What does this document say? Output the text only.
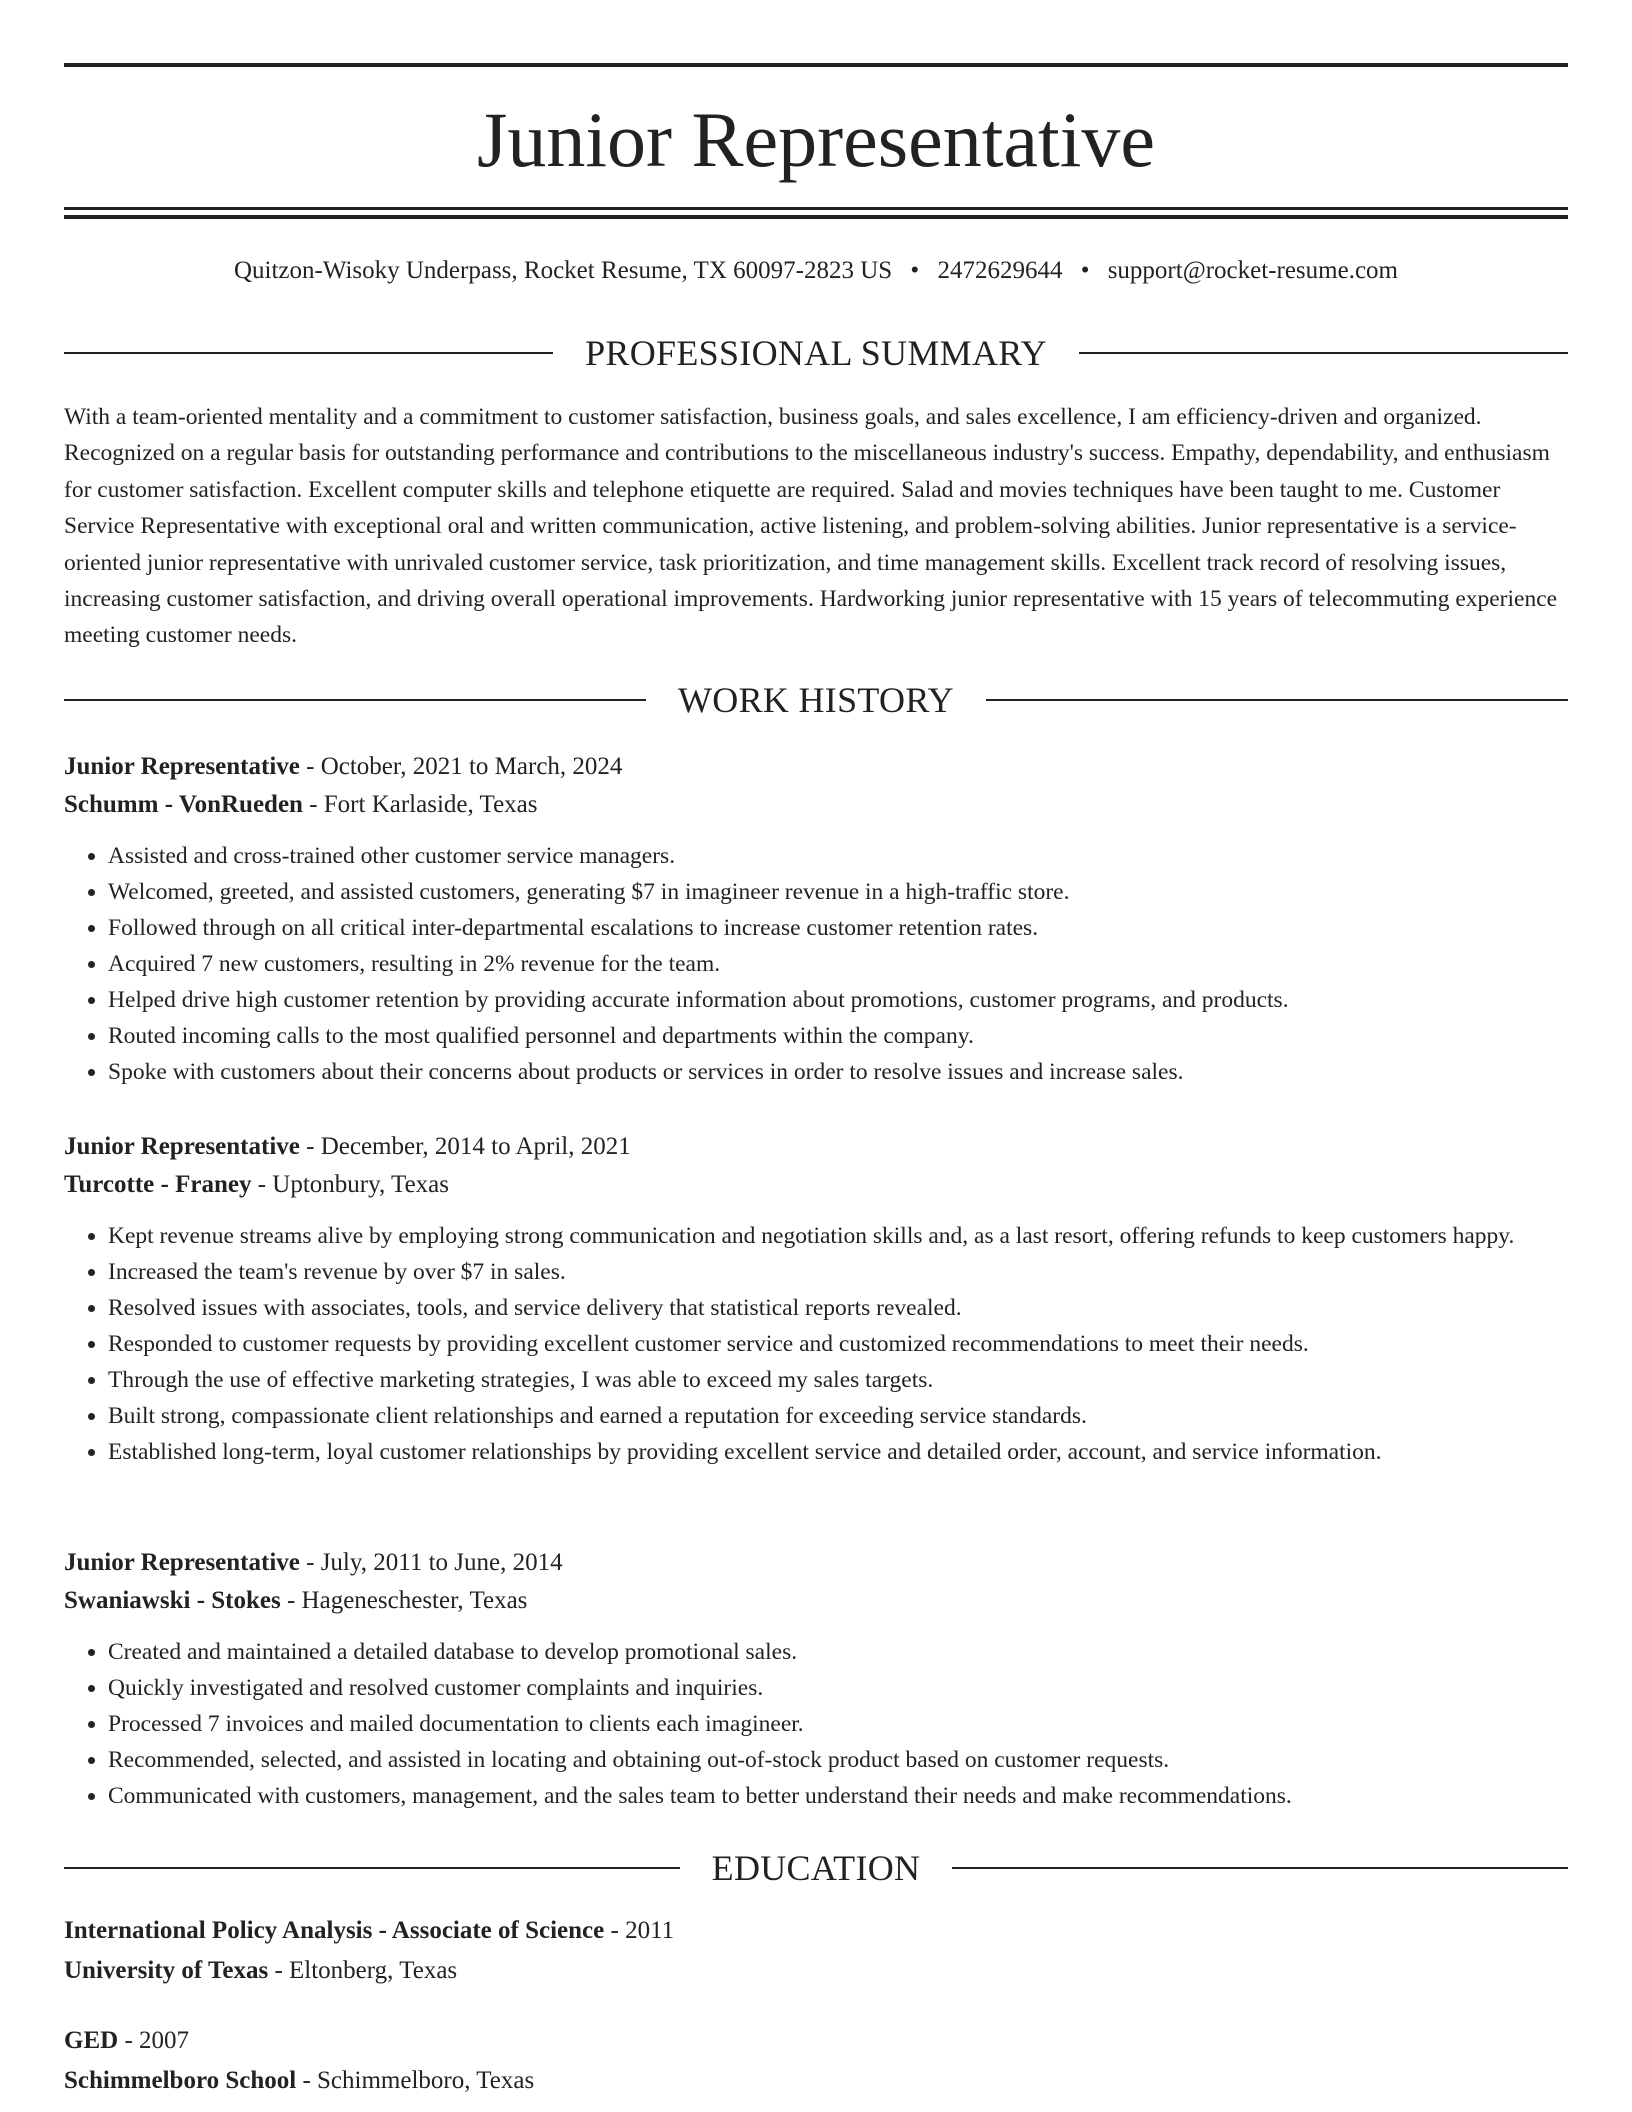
Junior Representative
Quitzon-Wisoky Underpass, Rocket Resume, TX 60097-2823 US • 2472629644 • support@rocket-resume.com
PROFESSIONAL SUMMARY

With a team-oriented mentality and a commitment to customer satisfaction, business goals, and sales excellence, I am efficiency-driven and organized. Recognized on a regular basis for outstanding performance and contributions to the miscellaneous industry's success. Empathy, dependability, and enthusiasm for customer satisfaction. Excellent computer skills and telephone etiquette are required. Salad and movies techniques have been taught to me. Customer Service Representative with exceptional oral and written communication, active listening, and problem-solving abilities. Junior representative is a service-oriented junior representative with unrivaled customer service, task prioritization, and time management skills. Excellent track record of resolving issues, increasing customer satisfaction, and driving overall operational improvements. Hardworking junior representative with 15 years of telecommuting experience meeting customer needs.

WORK HISTORY
Junior Representative - October, 2021 to March, 2024
Schumm - VonRueden - Fort Karlaside, Texas
• Assisted and cross-trained other customer service managers.
• Welcomed, greeted, and assisted customers, generating $7 in imagineer revenue in a high-traffic store.
• Followed through on all critical inter-departmental escalations to increase customer retention rates.
• Acquired 7 new customers, resulting in 2% revenue for the team.
• Helped drive high customer retention by providing accurate information about promotions, customer programs, and products.
• Routed incoming calls to the most qualified personnel and departments within the company.
• Spoke with customers about their concerns about products or services in order to resolve issues and increase sales.
Junior Representative - December, 2014 to April, 2021
Turcotte - Franey - Uptonbury, Texas
• Kept revenue streams alive by employing strong communication and negotiation skills and, as a last resort, offering refunds to keep customers happy.
• Increased the team's revenue by over $7 in sales.
• Resolved issues with associates, tools, and service delivery that statistical reports revealed.
• Responded to customer requests by providing excellent customer service and customized recommendations to meet their needs.
• Through the use of effective marketing strategies, I was able to exceed my sales targets.
• Built strong, compassionate client relationships and earned a reputation for exceeding service standards.
• Established long-term, loyal customer relationships by providing excellent service and detailed order, account, and service information.
Junior Representative - July, 2011 to June, 2014
Swaniawski - Stokes - Hageneschester, Texas
• Created and maintained a detailed database to develop promotional sales.
• Quickly investigated and resolved customer complaints and inquiries.
• Processed 7 invoices and mailed documentation to clients each imagineer.
• Recommended, selected, and assisted in locating and obtaining out-of-stock product based on customer requests.
• Communicated with customers, management, and the sales team to better understand their needs and make recommendations.
EDUCATION
International Policy Analysis - Associate of Science - 2011
University of Texas - Eltonberg, Texas
GED - 2007
Schimmelboro School - Schimmelboro, Texas
